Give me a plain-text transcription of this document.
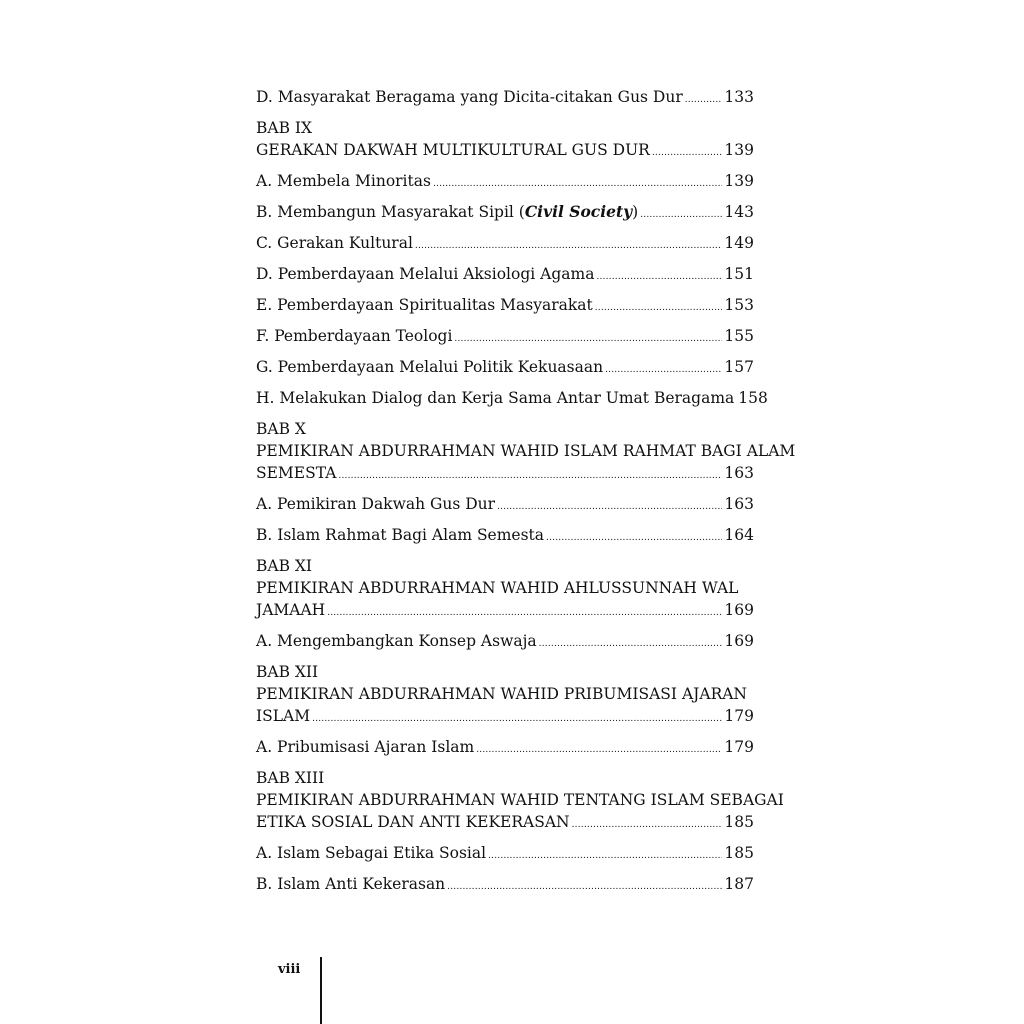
D. Masyarakat Beragama yang Dicita-citakan Gus Dur .....	133
BAB IX
GERAKAN DAKWAH MULTIKULTURAL GUS DUR .....	139
A. Membela Minoritas .....	139
B. Membangun Masyarakat Sipil (Civil Society) .....	143
C. Gerakan Kultural .....	149
D. Pemberdayaan Melalui Aksiologi Agama .....	151
E. Pemberdayaan Spiritualitas Masyarakat .....	153
F. Pemberdayaan Teologi .....	155
G. Pemberdayaan Melalui Politik Kekuasaan .....	157
H. Melakukan Dialog dan Kerja Sama Antar Umat Beragama 158
BAB X
PEMIKIRAN ABDURRAHMAN WAHID ISLAM RAHMAT BAGI ALAM
SEMESTA .....	163
A. Pemikiran Dakwah Gus Dur .....	163
B. Islam Rahmat Bagi Alam Semesta .....	164
BAB XI
PEMIKIRAN ABDURRAHMAN WAHID AHLUSSUNNAH WAL
JAMAAH .....	169
A. Mengembangkan Konsep Aswaja .....	169
BAB XII
PEMIKIRAN ABDURRAHMAN WAHID PRIBUMISASI AJARAN
ISLAM .....	179
A. Pribumisasi Ajaran Islam .....	179
BAB XIII
PEMIKIRAN ABDURRAHMAN WAHID TENTANG ISLAM SEBAGAI
ETIKA SOSIAL DAN ANTI KEKERASAN .....	185
A. Islam Sebagai Etika Sosial .....	185
B. Islam Anti Kekerasan .....	187
viii
